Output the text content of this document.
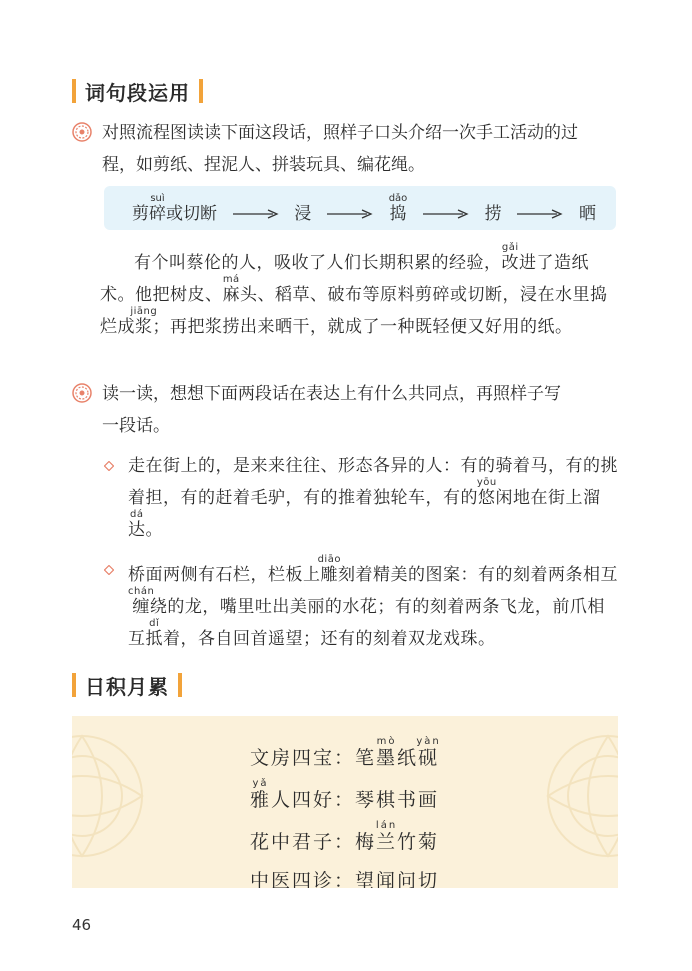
词句段运用
对照流程图读读下面这段话，照样子口头介绍一次手工活动的过
程，如剪纸、捏泥人、拼装玩具、编花绳。
剪碎suì或切断	浸	捣dǎo
捞	晒
有个叫蔡伦的人，吸收了人们长期积累的经验，改gǎi进了造纸术。他把树皮、麻má头、稻草、破布等原料剪碎或切断，浸在水里捣烂成浆jiāng；再把浆捞出来晒干，就成了一种既轻便又好用的纸。
读一读，想想下面两段话在表达上有什么共同点，再照样子写
一段话。
走在街上的，是来来往往、形态各异的人：有的骑着马，有的挑着担，有的赶着毛驴，有的推着独轮车，有的悠yōu闲地在街上溜达dá。
桥面两侧有石栏，栏板上雕diāo刻着精美的图案：有的刻着两条相互缠chán绕的龙，嘴里吐出美丽的水花；有的刻着两条飞龙，前爪相互抵dǐ着，各自回首遥望；还有的刻着双龙戏珠。
日积月累
文房四宝：笔墨mò纸砚yàn
雅yǎ人四好：琴棋书画
花中君子：梅兰lán竹菊
中医四诊：望闻问切
46
